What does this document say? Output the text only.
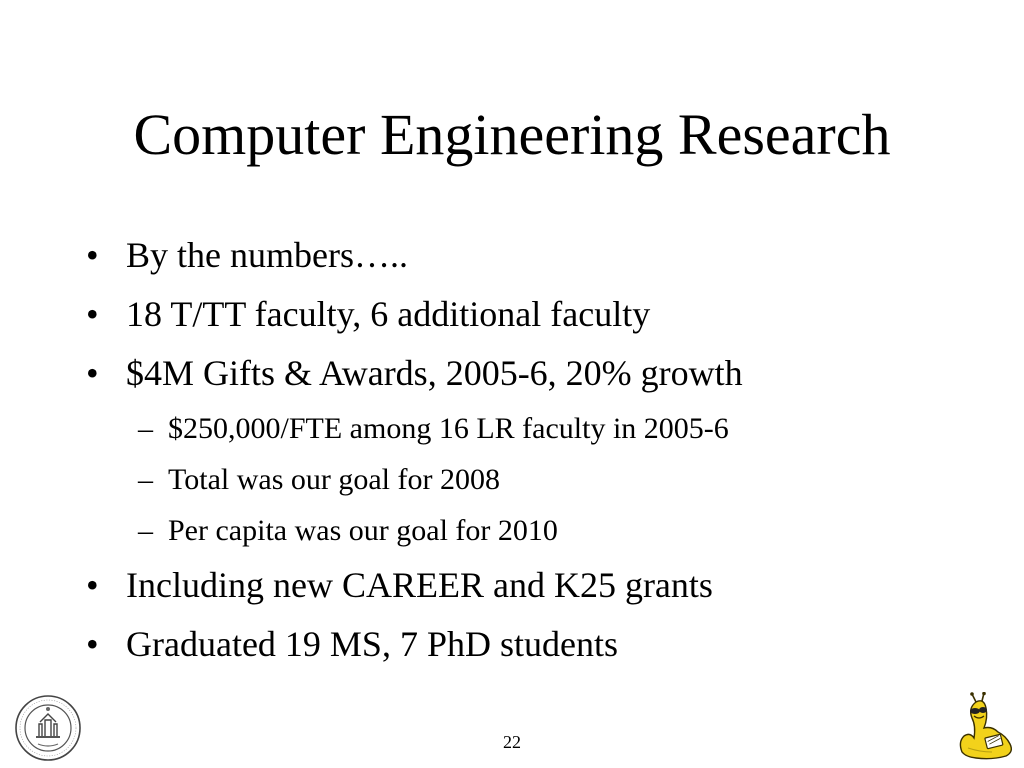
Computer Engineering Research
• By the numbers…..
• 18 T/TT faculty, 6 additional faculty
• $4M Gifts & Awards, 2005-6, 20% growth
– $250,000/FTE among 16 LR faculty in 2005-6
– Total was our goal for 2008
– Per capita was our goal for 2010
• Including new CAREER and K25 grants
• Graduated 19 MS, 7 PhD students
22
